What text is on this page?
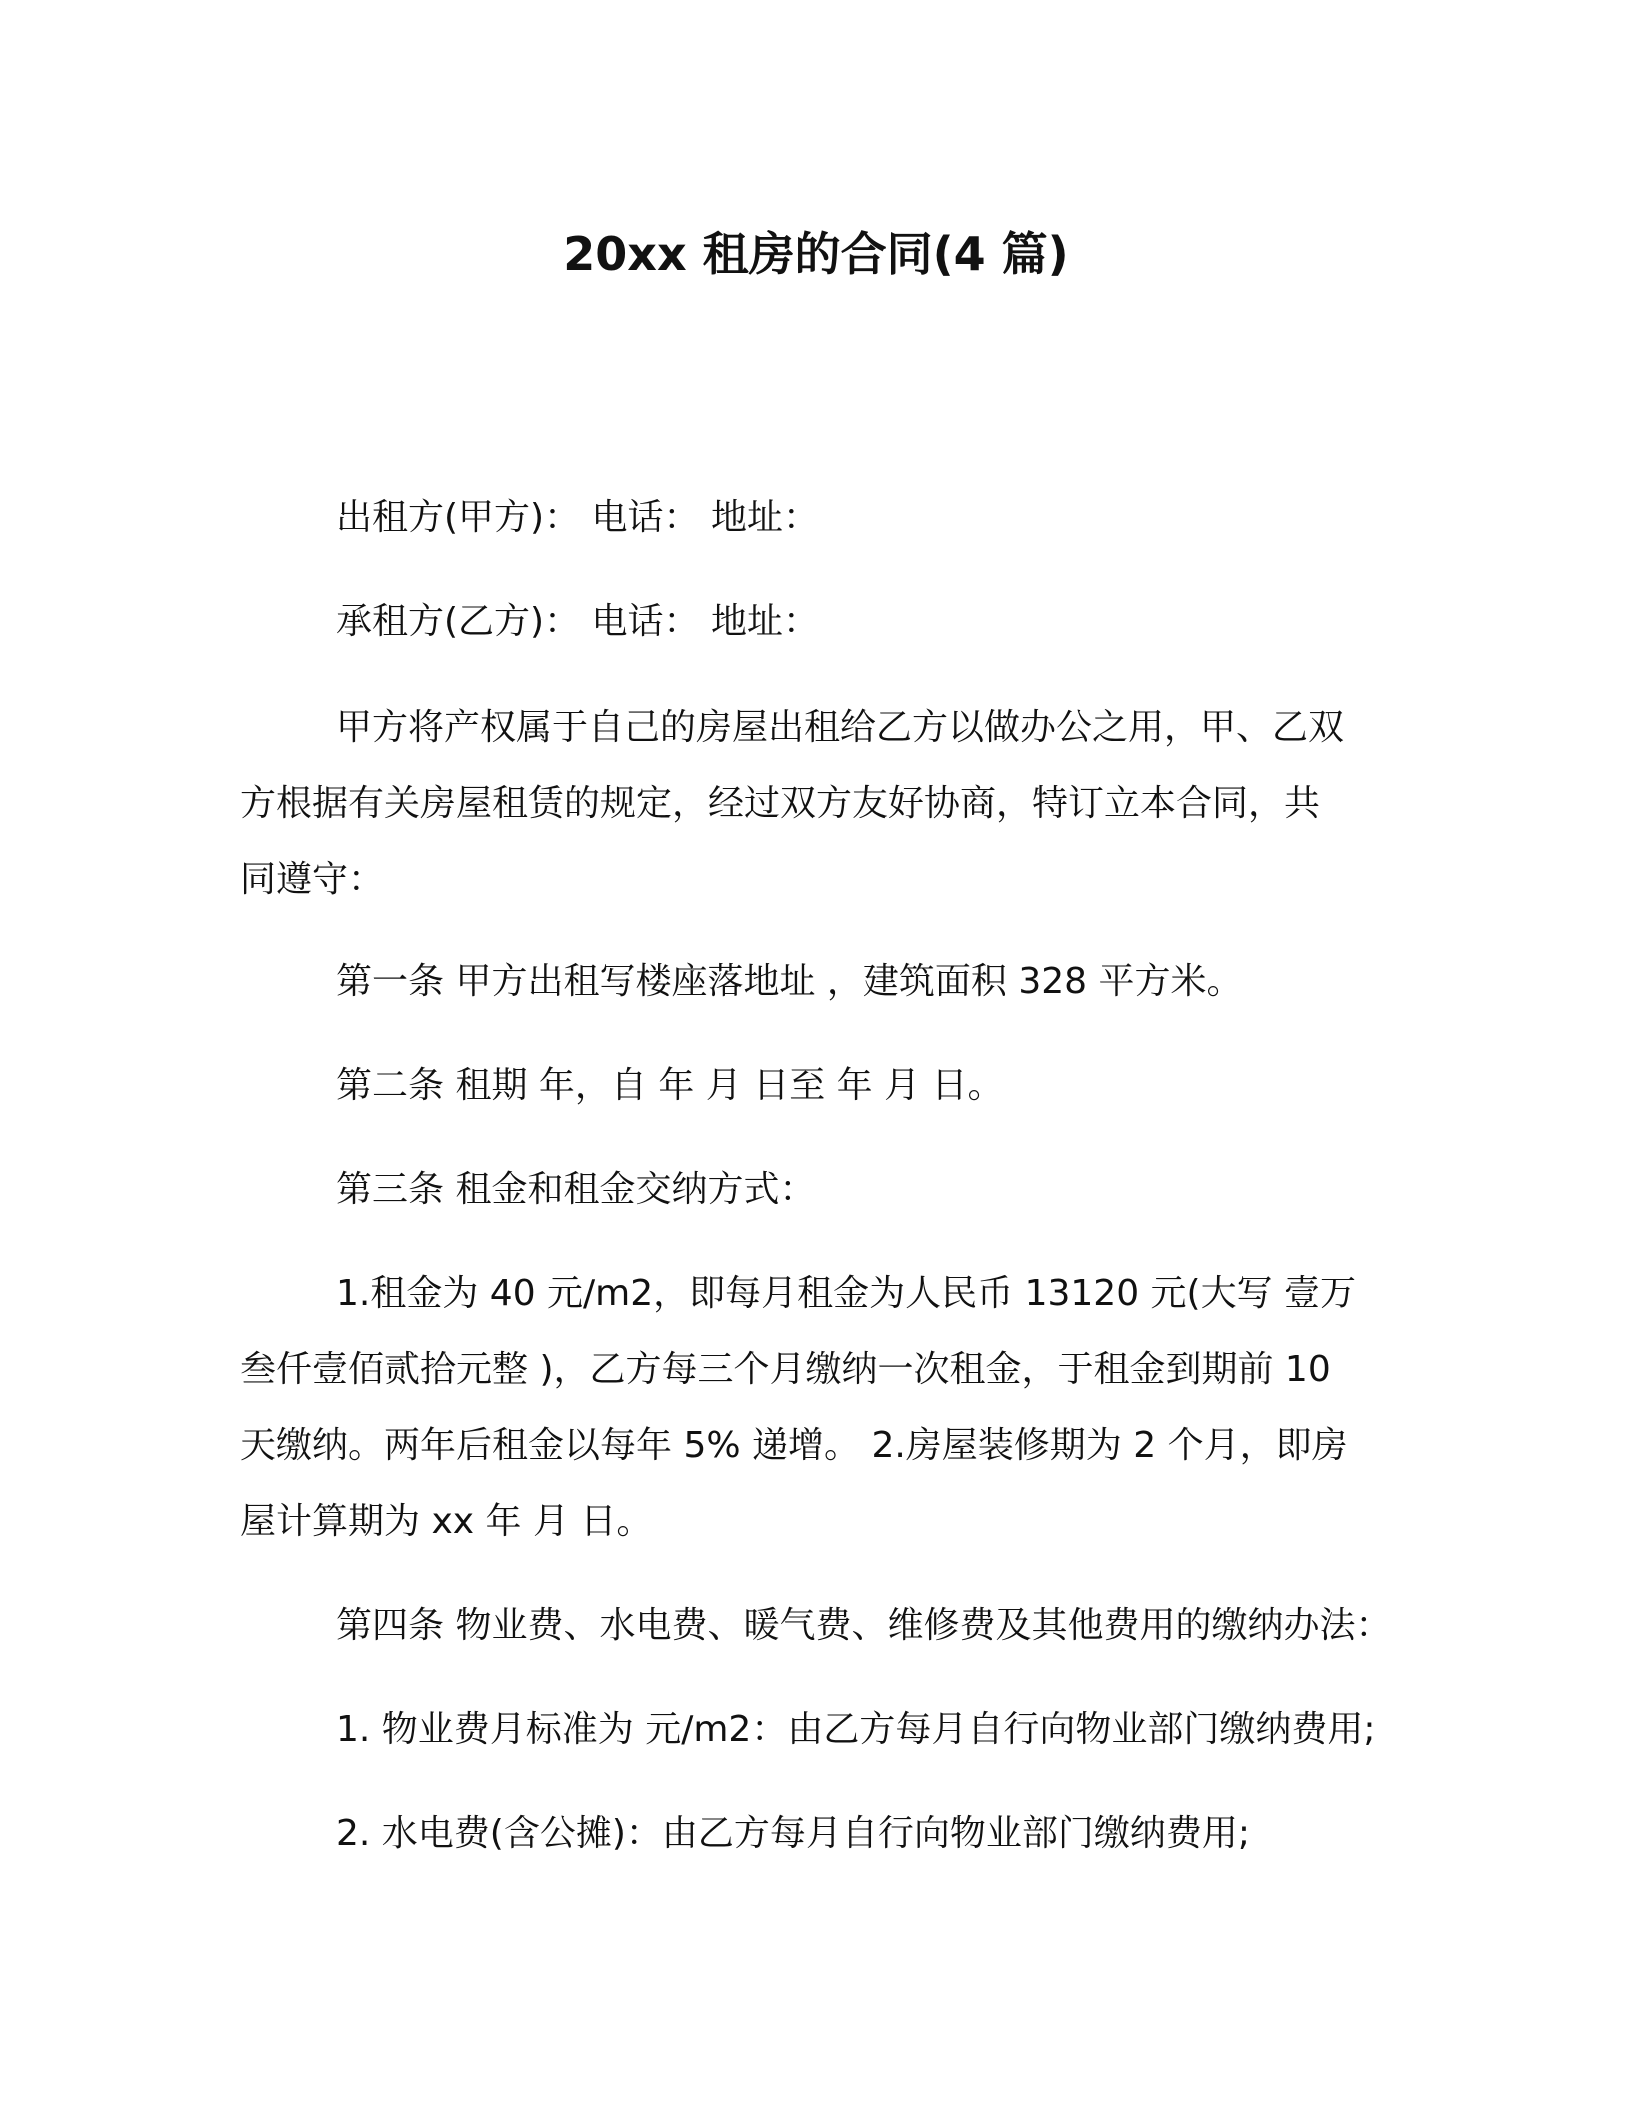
20xx 租房的合同(4 篇)
出租方(甲方)： 电话： 地址：
承租方(乙方)： 电话： 地址：
甲方将产权属于自己的房屋出租给乙方以做办公之用，甲、乙双
方根据有关房屋租赁的规定，经过双方友好协商，特订立本合同，共
同遵守：
第一条 甲方出租写楼座落地址 ，建筑面积 328 平方米。
第二条 租期 年，自 年 月 日至 年 月 日。
第三条 租金和租金交纳方式：
1.租金为 40 元/m2，即每月租金为人民币 13120 元(大写 壹万
叁仟壹佰贰拾元整 )，乙方每三个月缴纳一次租金，于租金到期前 10
天缴纳。两年后租金以每年 5% 递增。 2.房屋装修期为 2 个月，即房
屋计算期为 xx 年 月 日。
第四条 物业费、水电费、暖气费、维修费及其他费用的缴纳办法：
1. 物业费月标准为 元/m2：由乙方每月自行向物业部门缴纳费用;
2. 水电费(含公摊)：由乙方每月自行向物业部门缴纳费用;
